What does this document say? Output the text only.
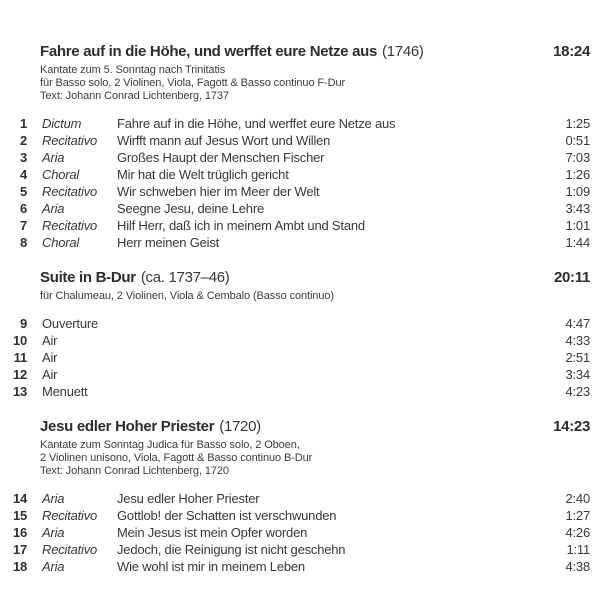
Fahre auf in die Höhe, und werffet eure Netze aus (1746)	18:24
Kantate zum 5. Sonntag nach Trinitatis
für Basso solo, 2 Violinen, Viola, Fagott & Basso continuo F-Dur
Text: Johann Conrad Lichtenberg, 1737
1	Dictum	Fahre auf in die Höhe, und werffet eure Netze aus	1:25
2	Recitativo	Wirfft mann auf Jesus Wort und Willen	0:51
3	Aria	Großes Haupt der Menschen Fischer	7:03
4	Choral	Mir hat die Welt trüglich gericht	1:26
5	Recitativo	Wir schweben hier im Meer der Welt	1:09
6	Aria	Seegne Jesu, deine Lehre	3:43
7	Recitativo	Hilf Herr, daß ich in meinem Ambt und Stand	1:01
8	Choral	Herr meinen Geist	1:44
Suite in B-Dur (ca. 1737–46)	20:11
für Chalumeau, 2 Violinen, Viola & Cembalo (Basso continuo)
9	Ouverture	4:47
10	Air	4:33
11	Air	2:51
12	Air	3:34
13	Menuett	4:23
Jesu edler Hoher Priester (1720)	14:23
Kantate zum Sonntag Judica für Basso solo, 2 Oboen,
2 Violinen unisono, Viola, Fagott & Basso continuo B-Dur
Text: Johann Conrad Lichtenberg, 1720
14	Aria	Jesu edler Hoher Priester	2:40
15	Recitativo	Gottlob! der Schatten ist verschwunden	1:27
16	Aria	Mein Jesus ist mein Opfer worden	4:26
17	Recitativo	Jedoch, die Reinigung ist nicht geschehn	1:11
18	Aria	Wie wohl ist mir in meinem Leben	4:38
